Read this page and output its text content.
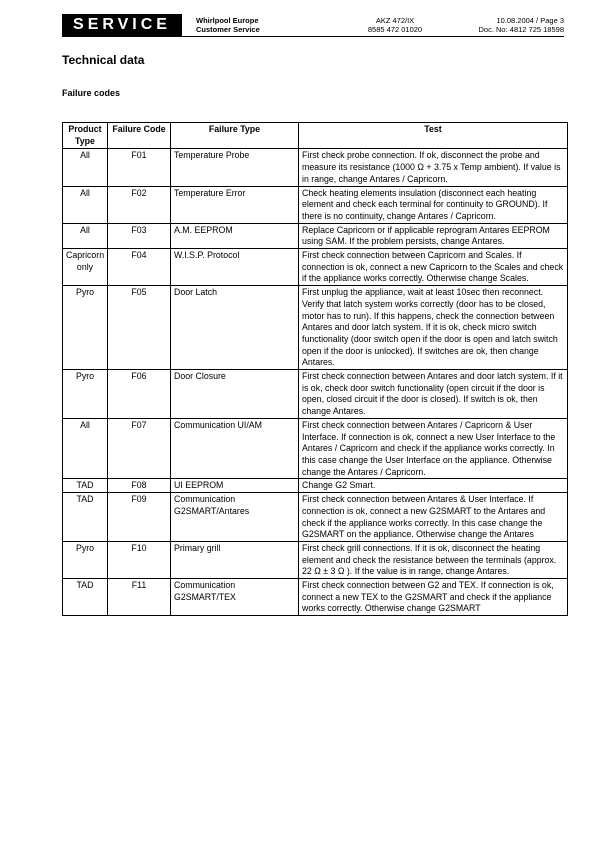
SERVICE	Whirlpool Europe
Customer Service
AKZ 472/IX
8585 472 01020
10.08.2004 / Page 3
Doc. No: 4812 725 18598
Technical data
Failure codes
Product Type	Failure Code	Failure Type	Test
All	F01	Temperature Probe	First check probe connection. If ok, disconnect the probe and measure its resistance (1000 Ω + 3.75 x Temp ambient). If value is in range, change Antares / Capricorn.
All	F02	Temperature Error	Check heating elements insulation (disconnect each heating element and check each terminal for continuity to GROUND). If there is no continuity, change Antares / Capricorn.
All	F03	A.M. EEPROM	Replace Capricorn or if applicable reprogram Antares EEPROM using SAM. If the problem persists, change Antares.
Capricorn only	F04	W.I.S.P. Protocol	First check connection between Capricorn and Scales. If connection is ok, connect a new Capricorn to the Scales and check if the appliance works correctly. Otherwise change Scales.
Pyro	F05	Door Latch	First unplug the appliance, wait at least 10sec then reconnect. Verify that latch system works correctly (door has to be closed, motor has to run). If this happens, check the connection between Antares and door latch system. If it is ok, check micro switch functionality (door switch open if the door is open and latch switch open if the door is unlocked). If switches are ok, then change Antares.
Pyro	F06	Door Closure	First check connection between Antares and door latch system. If it is ok, check door switch functionality (open circuit if the door is open, closed circuit if the door is closed). If switch is ok, then change Antares.
All	F07	Communication UI/AM	First check connection between Antares / Capricorn & User Interface. If connection is ok, connect a new User Interface to the Antares / Capricorn and check if the appliance works correctly. In this case change the User Interface on the appliance. Otherwise change the Antares / Capricorn.
TAD	F08	UI EEPROM	Change G2 Smart.
TAD	F09	Communication G2SMART/Antares	First check connection between Antares & User Interface. If connection is ok, connect a new G2SMART to the Antares and check if the appliance works correctly. In this case change the G2SMART on the appliance. Otherwise change the Antares
Pyro	F10	Primary grill	First check grill connections. If it is ok, disconnect the heating element and check the resistance between the terminals (approx. 22 Ω ± 3 Ω ). If the value is in range, change Antares.
TAD	F11	Communication G2SMART/TEX	First check connection between G2 and TEX. If connection is ok, connect a new TEX to the G2SMART and check if the appliance works correctly. Otherwise change G2SMART
